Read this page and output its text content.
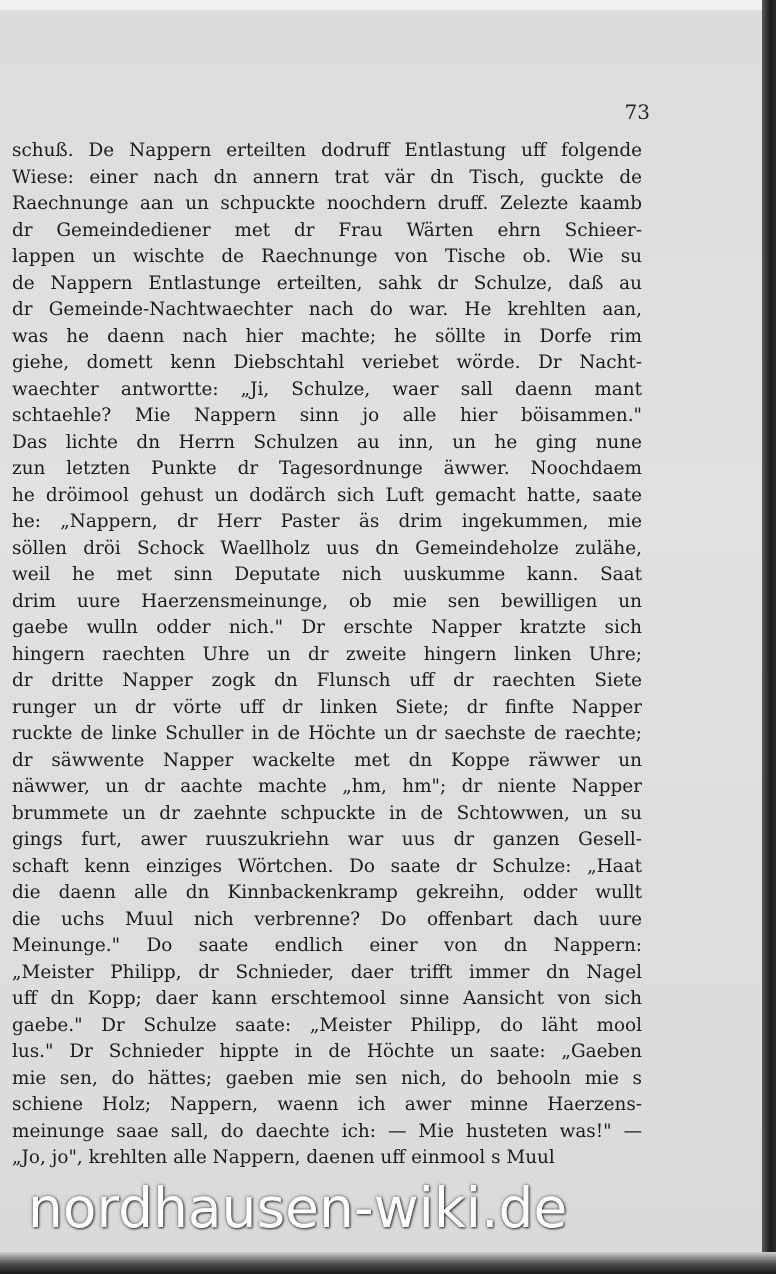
73
schuß. De Nappern erteilten dodruff Entlastung uff folgende
Wiese: einer nach dn annern trat vär dn Tisch, guckte de
Raechnunge aan un schpuckte noochdern druff. Zelezte kaamb
dr Gemeindediener met dr Frau Wärten ehrn Schieer-
lappen un wischte de Raechnunge von Tische ob. Wie su
de Nappern Entlastunge erteilten, sahk dr Schulze, daß au
dr Gemeinde-Nachtwaechter nach do war. He krehlten aan,
was he daenn nach hier machte; he söllte in Dorfe rim
giehe, domett kenn Diebschtahl veriebet wörde. Dr Nacht-
waechter antwortte: „Ji, Schulze, waer sall daenn mant
schtaehle? Mie Nappern sinn jo alle hier böisammen."
Das lichte dn Herrn Schulzen au inn, un he ging nune
zun letzten Punkte dr Tagesordnunge äwwer. Noochdaem
he dröimool gehust un dodärch sich Luft gemacht hatte, saate
he: „Nappern, dr Herr Paster äs drim ingekummen, mie
söllen dröi Schock Waellholz uus dn Gemeindeholze zulähe,
weil he met sinn Deputate nich uuskumme kann. Saat
drim uure Haerzensmeinunge, ob mie sen bewilligen un
gaebe wulln odder nich." Dr erschte Napper kratzte sich
hingern raechten Uhre un dr zweite hingern linken Uhre;
dr dritte Napper zogk dn Flunsch uff dr raechten Siete
runger un dr vörte uff dr linken Siete; dr finfte Napper
ruckte de linke Schuller in de Höchte un dr saechste de raechte;
dr säwwente Napper wackelte met dn Koppe räwwer un
näwwer, un dr aachte machte „hm, hm"; dr niente Napper
brummete un dr zaehnte schpuckte in de Schtowwen, un su
gings furt, awer ruuszukriehn war uus dr ganzen Gesell-
schaft kenn einziges Wörtchen. Do saate dr Schulze: „Haat
die daenn alle dn Kinnbackenkramp gekreihn, odder wullt
die uchs Muul nich verbrenne? Do offenbart dach uure
Meinunge." Do saate endlich einer von dn Nappern:
„Meister Philipp, dr Schnieder, daer trifft immer dn Nagel
uff dn Kopp; daer kann erschtemool sinne Aansicht von sich
gaebe." Dr Schulze saate: „Meister Philipp, do läht mool
lus." Dr Schnieder hippte in de Höchte un saate: „Gaeben
mie sen, do hättes; gaeben mie sen nich, do behooln mie s
schiene Holz; Nappern, waenn ich awer minne Haerzens-
meinunge saae sall, do daechte ich: — Mie husteten was!" —
„Jo, jo", krehlten alle Nappern, daenen uff einmool s Muul
nordhausen-wiki.de
